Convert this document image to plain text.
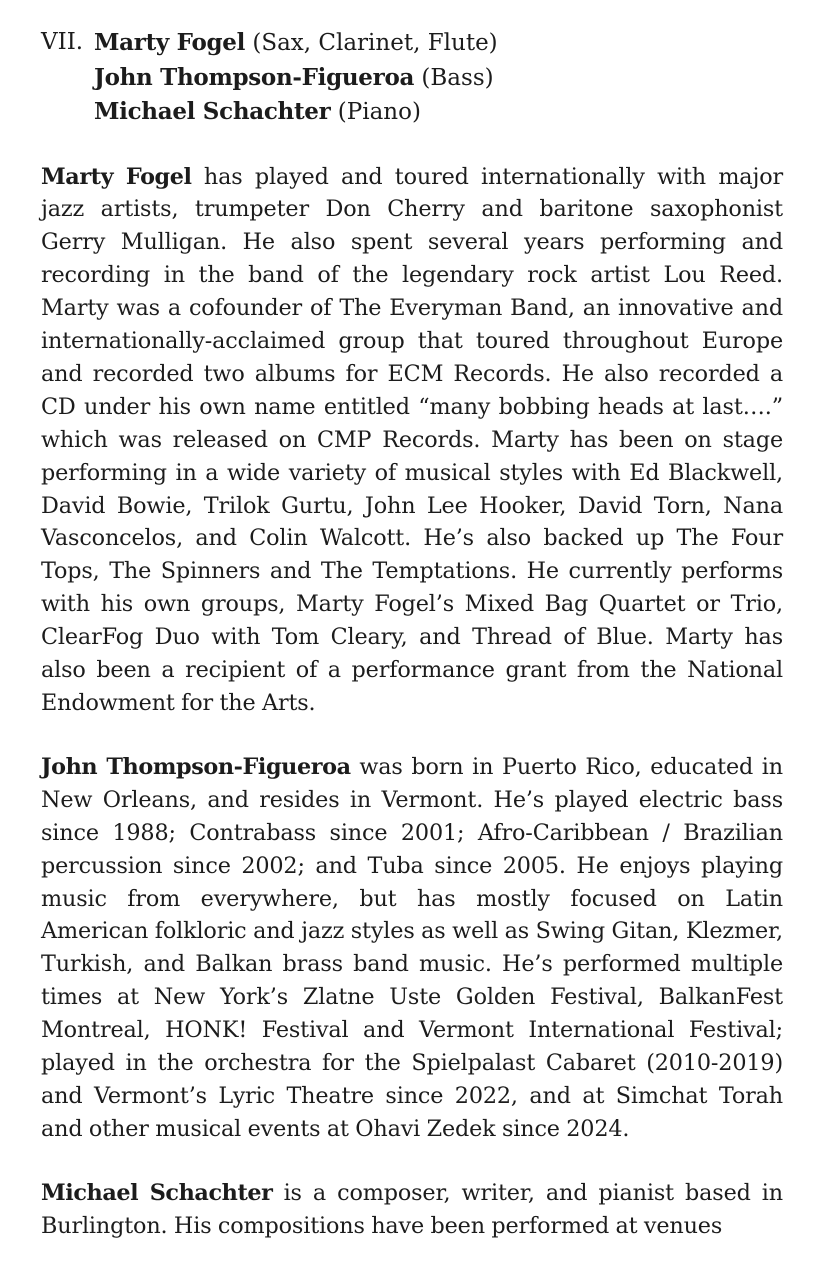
VII. Marty Fogel (Sax, Clarinet, Flute)
John Thompson-Figueroa (Bass)
Michael Schachter (Piano)

Marty Fogel has played and toured internationally with major jazz artists, trumpeter Don Cherry and baritone saxophonist Gerry Mulligan. He also spent several years performing and recording in the band of the legendary rock artist Lou Reed. Marty was a cofounder of The Everyman Band, an innovative and internationally-acclaimed group that toured throughout Europe and recorded two albums for ECM Records. He also recorded a CD under his own name entitled “many bobbing heads at last….” which was released on CMP Records. Marty has been on stage performing in a wide variety of musical styles with Ed Blackwell, David Bowie, Trilok Gurtu, John Lee Hooker, David Torn, Nana Vasconcelos, and Colin Walcott. He’s also backed up The Four Tops, The Spinners and The Temptations. He currently performs with his own groups, Marty Fogel’s Mixed Bag Quartet or Trio, ClearFog Duo with Tom Cleary, and Thread of Blue. Marty has also been a recipient of a performance grant from the National Endowment for the Arts.

John Thompson-Figueroa was born in Puerto Rico, educated in New Orleans, and resides in Vermont. He’s played electric bass since 1988; Contrabass since 2001; Afro-Caribbean / Brazilian percussion since 2002; and Tuba since 2005. He enjoys playing music from everywhere, but has mostly focused on Latin American folkloric and jazz styles as well as Swing Gitan, Klezmer, Turkish, and Balkan brass band music. He’s performed multiple times at New York’s Zlatne Uste Golden Festival, BalkanFest Montreal, HONK! Festival and Vermont International Festival; played in the orchestra for the Spielpalast Cabaret (2010-2019) and Vermont’s Lyric Theatre since 2022, and at Simchat Torah and other musical events at Ohavi Zedek since 2024.

Michael Schachter is a composer, writer, and pianist based in Burlington. His compositions have been performed at venues
